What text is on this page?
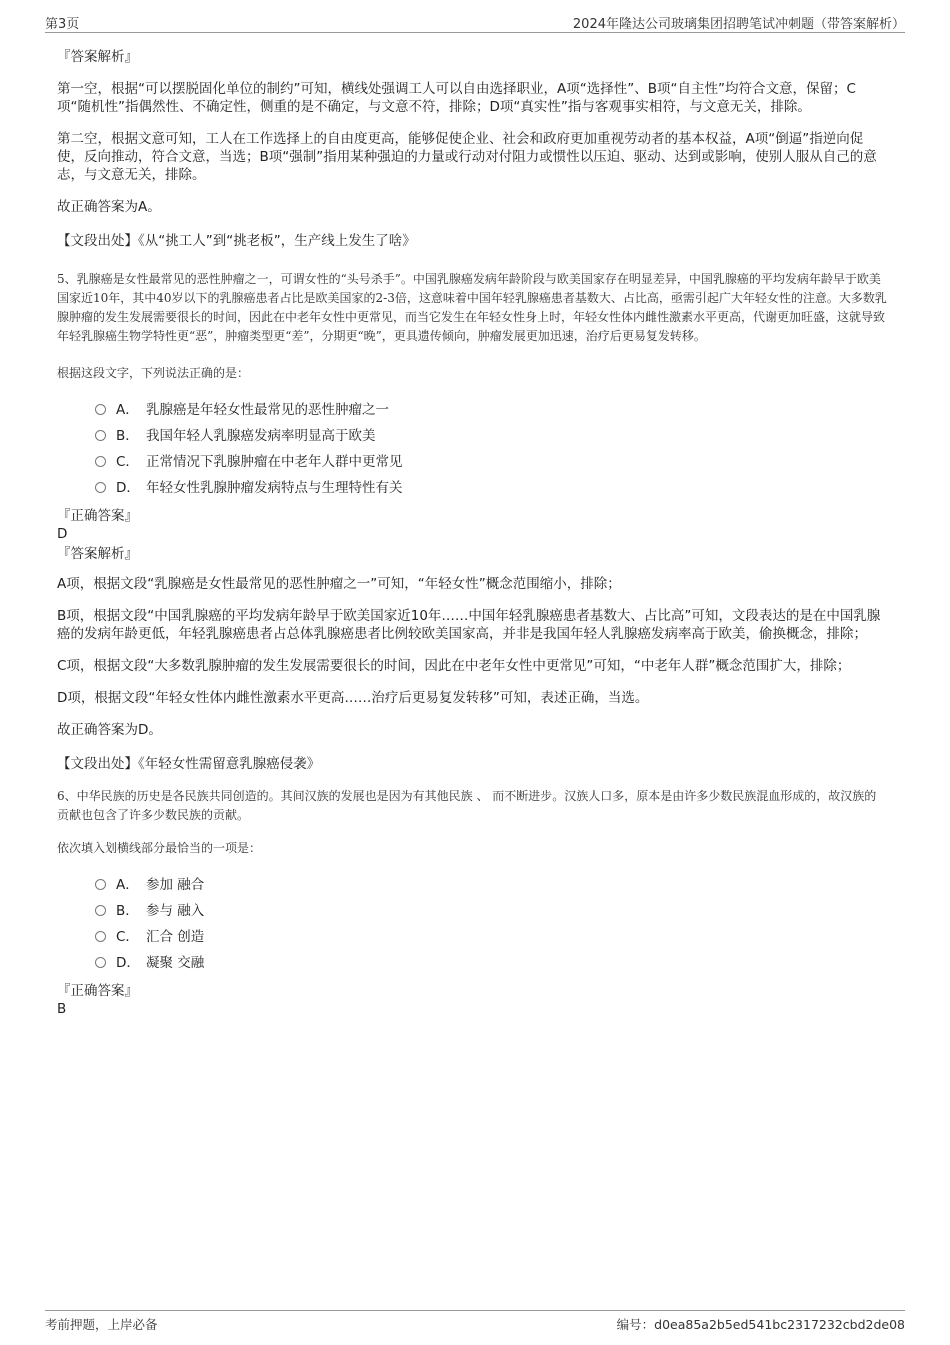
第3页	2024年隆达公司玻璃集团招聘笔试冲刺题（带答案解析）

『答案解析』

第一空，根据“可以摆脱固化单位的制约”可知，横线处强调工人可以自由选择职业，A项“选择性”、B项“自主性”均符合文意，保留；C项“随机性”指偶然性、不确定性，侧重的是不确定，与文意不符，排除；D项“真实性”指与客观事实相符，与文意无关，排除。

第二空，根据文意可知，工人在工作选择上的自由度更高，能够促使企业、社会和政府更加重视劳动者的基本权益，A项“倒逼”指逆向促使，反向推动，符合文意，当选；B项“强制”指用某种强迫的力量或行动对付阻力或惯性以压迫、驱动、达到或影响，使别人服从自己的意志，与文意无关，排除。

故正确答案为A。

【文段出处】《从“挑工人”到“挑老板”，生产线上发生了啥》

5、乳腺癌是女性最常见的恶性肿瘤之一，可谓女性的“头号杀手”。中国乳腺癌发病年龄阶段与欧美国家存在明显差异，中国乳腺癌的平均发病年龄早于欧美国家近10年，其中40岁以下的乳腺癌患者占比是欧美国家的2-3倍，这意味着中国年轻乳腺癌患者基数大、占比高，亟需引起广大年轻女性的注意。大多数乳腺肿瘤的发生发展需要很长的时间，因此在中老年女性中更常见，而当它发生在年轻女性身上时，年轻女性体内雌性激素水平更高，代谢更加旺盛，这就导致年轻乳腺癌生物学特性更“恶”，肿瘤类型更“差”，分期更“晚”，更具遗传倾向，肿瘤发展更加迅速，治疗后更易复发转移。

根据这段文字，下列说法正确的是：

A． 乳腺癌是年轻女性最常见的恶性肿瘤之一
B． 我国年轻人乳腺癌发病率明显高于欧美
C． 正常情况下乳腺肿瘤在中老年人群中更常见
D． 年轻女性乳腺肿瘤发病特点与生理特性有关

『正确答案』

D

『答案解析』

A项，根据文段“乳腺癌是女性最常见的恶性肿瘤之一”可知，“年轻女性”概念范围缩小，排除；

B项，根据文段“中国乳腺癌的平均发病年龄早于欧美国家近10年……中国年轻乳腺癌患者基数大、占比高”可知，文段表达的是在中国乳腺癌的发病年龄更低，年轻乳腺癌患者占总体乳腺癌患者比例较欧美国家高，并非是我国年轻人乳腺癌发病率高于欧美，偷换概念，排除；

C项，根据文段“大多数乳腺肿瘤的发生发展需要很长的时间，因此在中老年女性中更常见”可知，“中老年人群”概念范围扩大，排除；

D项，根据文段“年轻女性体内雌性激素水平更高……治疗后更易复发转移”可知，表述正确，当选。

故正确答案为D。

【文段出处】《年轻女性需留意乳腺癌侵袭》

6、中华民族的历史是各民族共同创造的。其间汉族的发展也是因为有其他民族 、 而不断进步。汉族人口多，原本是由许多少数民族混血形成的，故汉族的贡献也包含了许多少数民族的贡献。

依次填入划横线部分最恰当的一项是：

A． 参加 融合
B． 参与 融入
C． 汇合 创造
D． 凝聚 交融

『正确答案』

B

考前押题，上岸必备	编号：d0ea85a2b5ed541bc2317232cbd2de08
